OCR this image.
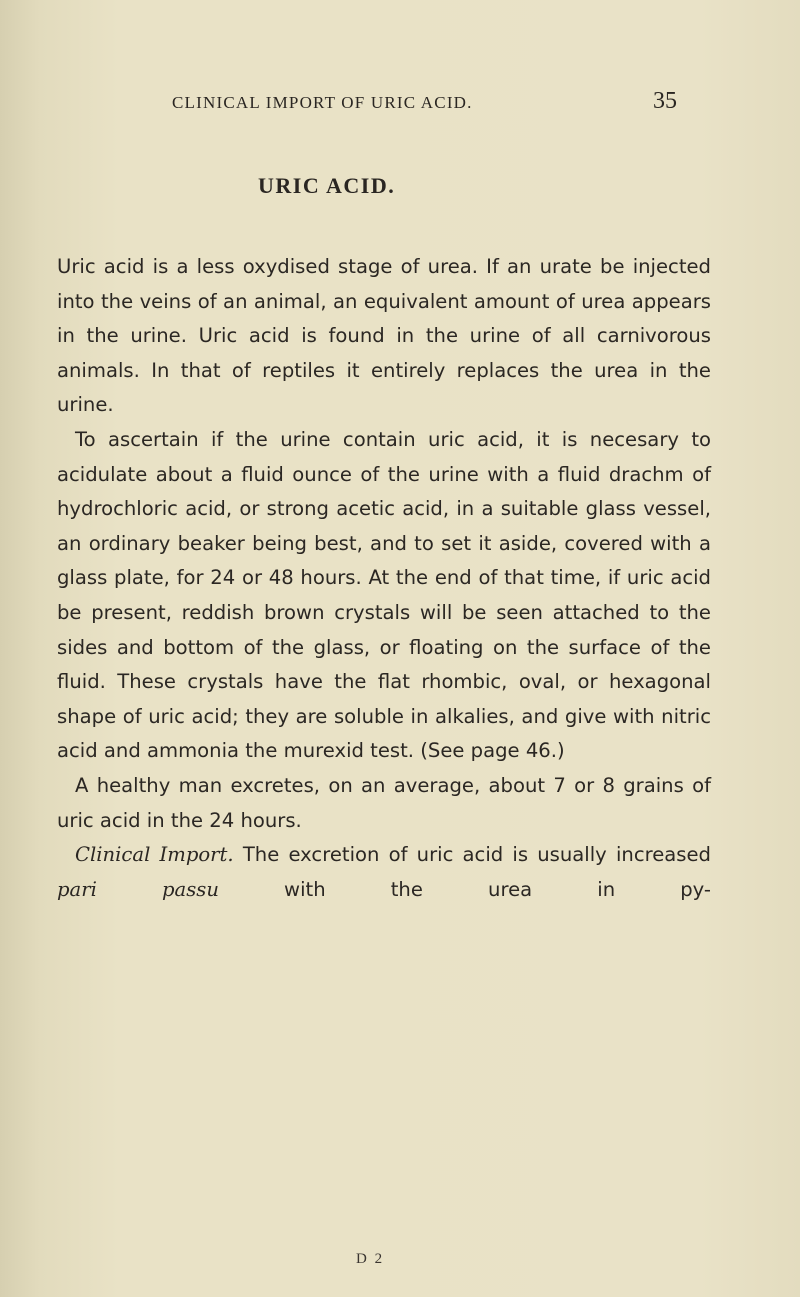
CLINICAL IMPORT OF URIC ACID.	35
URIC ACID.

Uric acid is a less oxydised stage of urea. If an urate be injected into the veins of an animal, an equivalent amount of urea appears in the urine. Uric acid is found in the urine of all carnivorous animals. In that of reptiles it entirely replaces the urea in the urine.

To ascertain if the urine contain uric acid, it is necesary to acidulate about a fluid ounce of the urine with a fluid drachm of hydrochloric acid, or strong acetic acid, in a suitable glass vessel, an ordinary beaker being best, and to set it aside, covered with a glass plate, for 24 or 48 hours. At the end of that time, if uric acid be present, reddish brown crystals will be seen attached to the sides and bottom of the glass, or floating on the surface of the fluid. These crystals have the flat rhombic, oval, or hexagonal shape of uric acid; they are soluble in alkalies, and give with nitric acid and ammonia the murexid test. (See page 46.)

A healthy man excretes, on an average, about 7 or 8 grains of uric acid in the 24 hours.

Clinical Import. The excretion of uric acid is usually increased pari passu with the urea in py-

D 2
